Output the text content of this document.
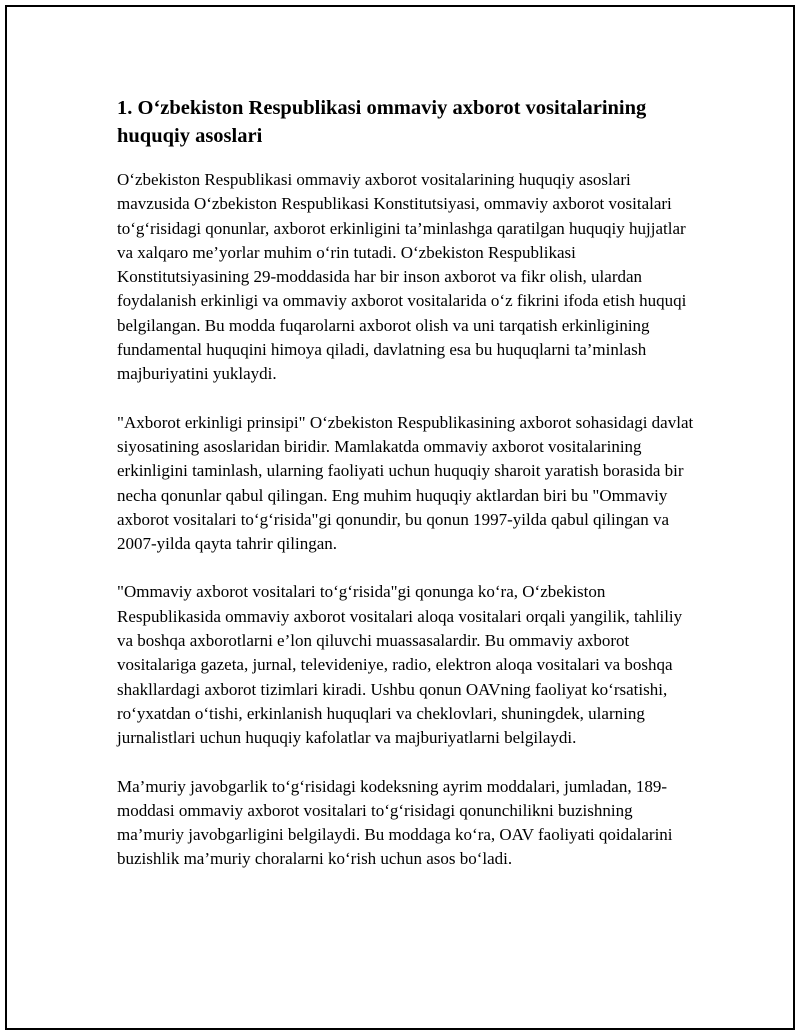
1. O‘zbekiston Respublikasi ommaviy axborot vositalarining huquqiy asoslari

O‘zbekiston Respublikasi ommaviy axborot vositalarining huquqiy asoslari mavzusida O‘zbekiston Respublikasi Konstitutsiyasi, ommaviy axborot vositalari to‘g‘risidagi qonunlar, axborot erkinligini ta’minlashga qaratilgan huquqiy hujjatlar va xalqaro me’yorlar muhim o‘rin tutadi. O‘zbekiston Respublikasi Konstitutsiyasining 29-moddasida har bir inson axborot va fikr olish, ulardan foydalanish erkinligi va ommaviy axborot vositalarida o‘z fikrini ifoda etish huquqi belgilangan. Bu modda fuqarolarni axborot olish va uni tarqatish erkinligining fundamental huquqini himoya qiladi, davlatning esa bu huquqlarni ta’minlash majburiyatini yuklaydi.

"Axborot erkinligi prinsipi" O‘zbekiston Respublikasining axborot sohasidagi davlat siyosatining asoslaridan biridir. Mamlakatda ommaviy axborot vositalarining erkinligini taminlash, ularning faoliyati uchun huquqiy sharoit yaratish borasida bir necha qonunlar qabul qilingan. Eng muhim huquqiy aktlardan biri bu "Ommaviy axborot vositalari to‘g‘risida"gi qonundir, bu qonun 1997-yilda qabul qilingan va 2007-yilda qayta tahrir qilingan.

"Ommaviy axborot vositalari to‘g‘risida"gi qonunga ko‘ra, O‘zbekiston Respublikasida ommaviy axborot vositalari aloqa vositalari orqali yangilik, tahliliy va boshqa axborotlarni e’lon qiluvchi muassasalardir. Bu ommaviy axborot vositalariga gazeta, jurnal, televideniye, radio, elektron aloqa vositalari va boshqa shakllardagi axborot tizimlari kiradi. Ushbu qonun OAVning faoliyat ko‘rsatishi, ro‘yxatdan o‘tishi, erkinlanish huquqlari va cheklovlari, shuningdek, ularning jurnalistlari uchun huquqiy kafolatlar va majburiyatlarni belgilaydi.

Ma’muriy javobgarlik to‘g‘risidagi kodeksning ayrim moddalari, jumladan, 189-moddasi ommaviy axborot vositalari to‘g‘risidagi qonunchilikni buzishning ma’muriy javobgarligini belgilaydi. Bu moddaga ko‘ra, OAV faoliyati qoidalarini buzishlik ma’muriy choralarni ko‘rish uchun asos bo‘ladi.
